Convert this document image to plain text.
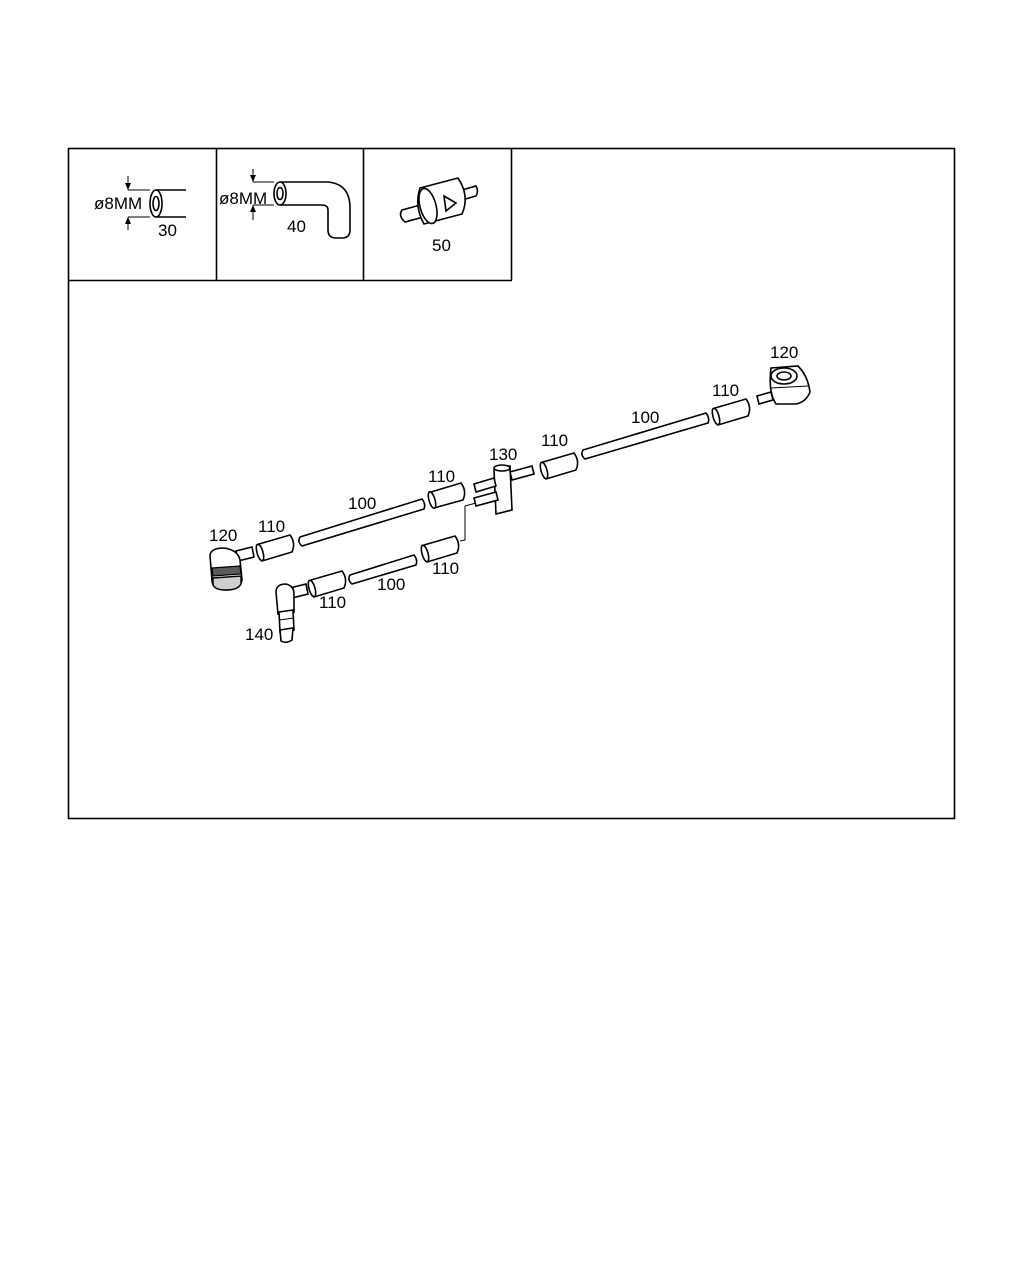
ø8MM
30
ø8MM
40
50
120
110
100
110
130
110
100
110
120
110
100
110
140
